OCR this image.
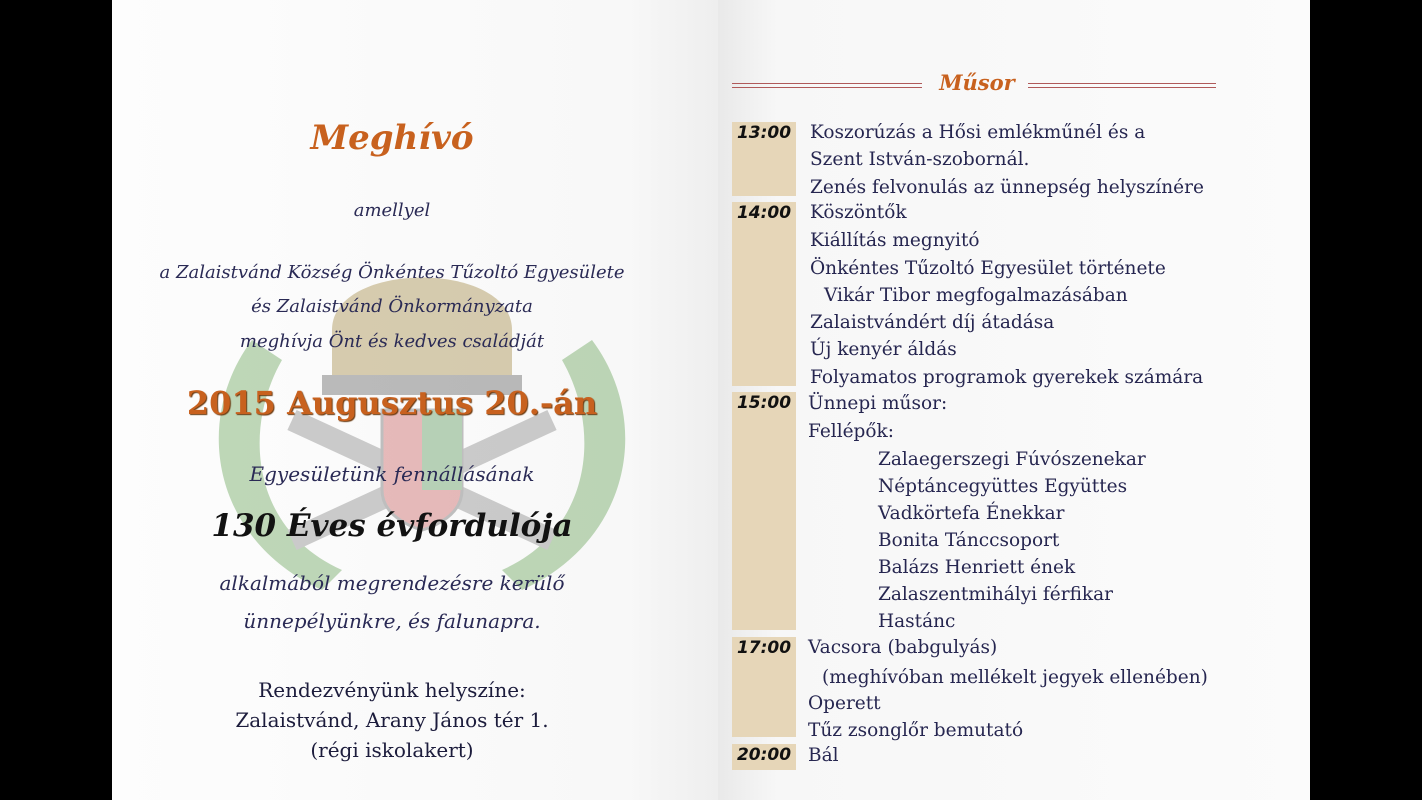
Meghívó
amellyel
a Zalaistvánd Község Önkéntes Tűzoltó Egyesülete
és Zalaistvánd Önkormányzata
meghívja Önt és kedves családját
2015 Augusztus 20.-án
Egyesületünk fennállásának
130 Éves évfordulója
alkalmából megrendezésre kerülő
ünnepélyünkre, és falunapra.
Rendezvényünk helyszíne:
Zalaistvánd, Arany János tér 1.
(régi iskolakert)
Műsor
13:00 Koszorúzás a Hősi emlékműnél és a
Szent István-szobornál.
Zenés felvonulás az ünnepség helyszínére
14:00 Köszöntők
Kiállítás megnyitó
Önkéntes Tűzoltó Egyesület története
Vikár Tibor megfogalmazásában
Zalaistvándért díj átadása
Új kenyér áldás
Folyamatos programok gyerekek számára
15:00 Ünnepi műsor:
Fellépők:
Zalaegerszegi Fúvószenekar
Néptáncegyüttes Együttes
Vadkörtefa Énekkar
Bonita Tánccsoport
Balázs Henriett ének
Zalaszentmihályi férfikar
Hastánc
17:00 Vacsora (babgulyás)
(meghívóban mellékelt jegyek ellenében)
Operett
Tűz zsonglőr bemutató
20:00 Bál
